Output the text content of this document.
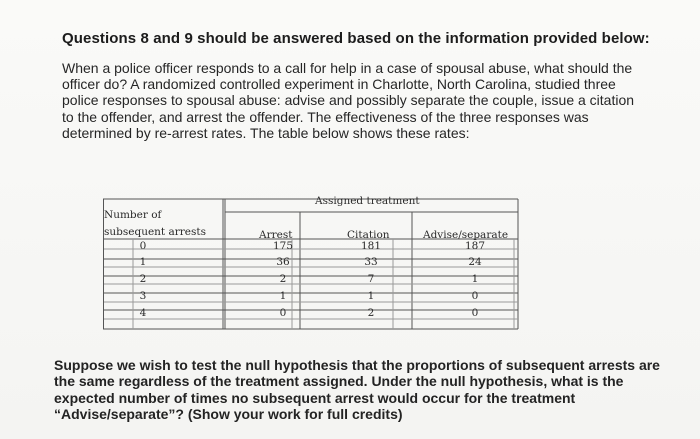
Questions 8 and 9 should be answered based on the information provided below:
When a police officer responds to a call for help in a case of spousal abuse, what should the officer do? A randomized controlled experiment in Charlotte, North Carolina, studied three police responses to spousal abuse: advise and possibly separate the couple, issue a citation to the offender, and arrest the offender. The effectiveness of the three responses was determined by re-arrest rates. The table below shows these rates:
Assigned treatment
Number of
subsequent arrests	Arrest	Citation	Advise/separate
0	175	181	187
1	36	33	24
2	2	7	1
3	1	1	0
4	0	2	0
Suppose we wish to test the null hypothesis that the proportions of subsequent arrests are the same regardless of the treatment assigned. Under the null hypothesis, what is the expected number of times no subsequent arrest would occur for the treatment “Advise/separate”? (Show your work for full credits)
